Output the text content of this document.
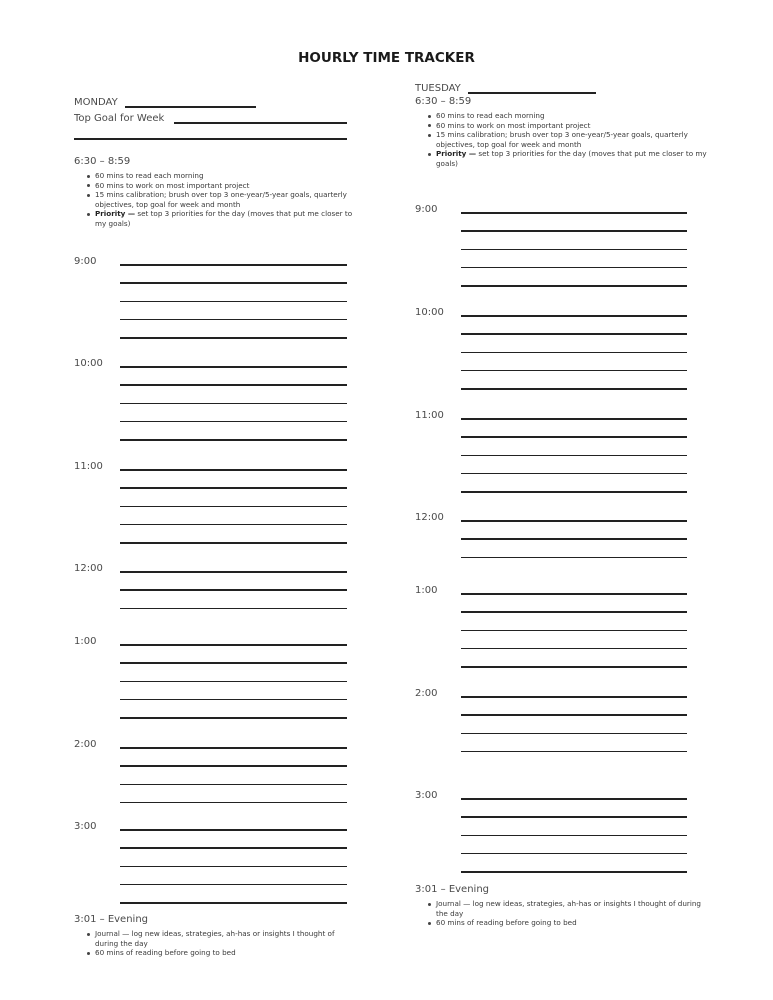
HOURLY TIME TRACKER
MONDAY
Top Goal for Week
6:30 – 8:59
60 mins to read each morning
60 mins to work on most important project
15 mins calibration; brush over top 3 one-year/5-year goals, quarterly objectives, top goal for week and month
Priority — set top 3 priorities for the day (moves that put me closer to my goals)
9:00
10:00
11:00
12:00
1:00
2:00
3:00
3:01 – Evening
Journal — log new ideas, strategies, ah-has or insights I thought of during the day
60 mins of reading before going to bed
TUESDAY
6:30 – 8:59
60 mins to read each morning
60 mins to work on most important project
15 mins calibration; brush over top 3 one-year/5-year goals, quarterly objectives, top goal for week and month
Priority — set top 3 priorities for the day (moves that put me closer to my goals)
9:00
10:00
11:00
12:00
1:00
2:00
3:00
3:01 – Evening
Journal — log new ideas, strategies, ah-has or insights I thought of during the day
60 mins of reading before going to bed
